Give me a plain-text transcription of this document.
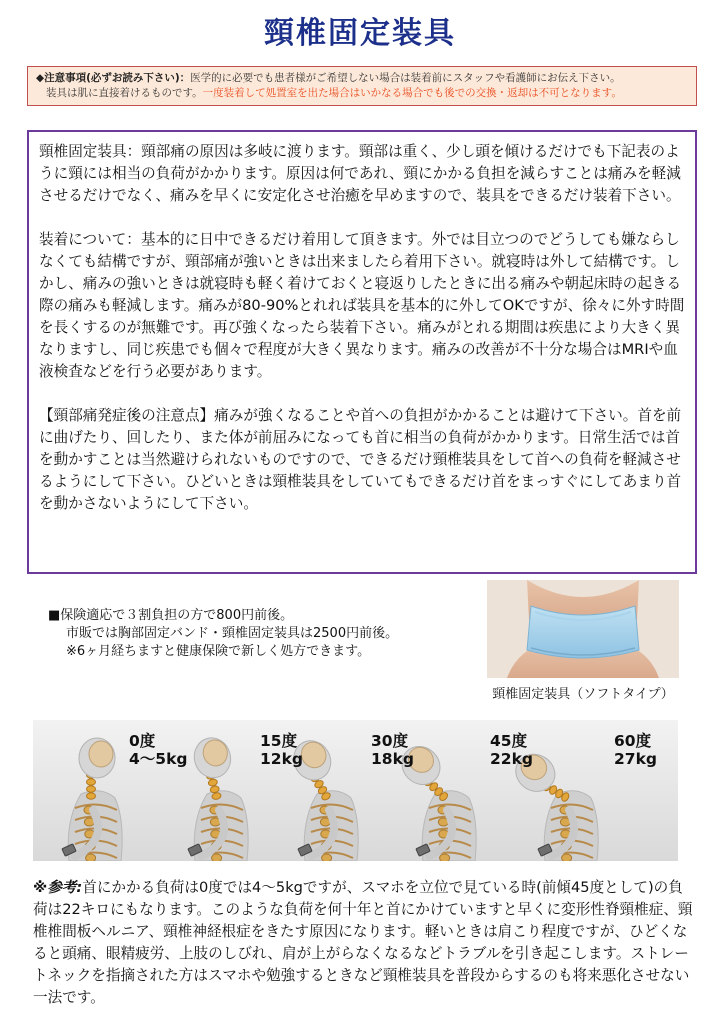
頸椎固定装具
◆注意事項(必ずお読み下さい)：医学的に必要でも患者様がご希望しない場合は装着前にスタッフや看護師にお伝え下さい。
装具は肌に直接着けるものです。一度装着して処置室を出た場合はいかなる場合でも後での交換・返却は不可となります。

頸椎固定装具：頸部痛の原因は多岐に渡ります。頸部は重く、少し頭を傾けるだけでも下記表のように頸には相当の負荷がかかります。原因は何であれ、頸にかかる負担を減らすことは痛みを軽減させるだけでなく、痛みを早くに安定化させ治癒を早めますので、装具をできるだけ装着下さい。

装着について：基本的に日中できるだけ着用して頂きます。外では目立つのでどうしても嫌ならしなくても結構ですが、頸部痛が強いときは出来ましたら着用下さい。就寝時は外して結構です。しかし、痛みの強いときは就寝時も軽く着けておくと寝返りしたときに出る痛みや朝起床時の起きる際の痛みも軽減します。痛みが80-90%とれれば装具を基本的に外してOKですが、徐々に外す時間を長くするのが無難です。再び強くなったら装着下さい。痛みがとれる期間は疾患により大きく異なりますし、同じ疾患でも個々で程度が大きく異なります。痛みの改善が不十分な場合はMRIや血液検査などを行う必要があります。

【頸部痛発症後の注意点】痛みが強くなることや首への負担がかかることは避けて下さい。首を前に曲げたり、回したり、また体が前屈みになっても首に相当の負荷がかかります。日常生活では首を動かすことは当然避けられないものですので、できるだけ頸椎装具をして首への負荷を軽減させるようにして下さい。ひどいときは頸椎装具をしていてもできるだけ首をまっすぐにしてあまり首を動かさないようにして下さい。

■保険適応で３割負担の方で800円前後。
市販では胸部固定バンド・頸椎固定装具は2500円前後。
※6ヶ月経ちますと健康保険で新しく処方できます。
頸椎固定装具（ソフトタイプ）
0度
4～5kg
15度
12kg
30度
18kg
45度
22kg
60度
27kg
※参考:首にかかる負荷は0度では4～5kgですが、スマホを立位で見ている時(前傾45度として)の負荷は22キロにもなります。このような負荷を何十年と首にかけていますと早くに変形性脊頸椎症、頸椎椎間板ヘルニア、頸椎神経根症をきたす原因になります。軽いときは肩こり程度ですが、ひどくなると頭痛、眼精疲労、上肢のしびれ、肩が上がらなくなるなどトラブルを引き起こします。ストレートネックを指摘された方はスマホや勉強するときなど頸椎装具を普段からするのも将来悪化させない一法です。
